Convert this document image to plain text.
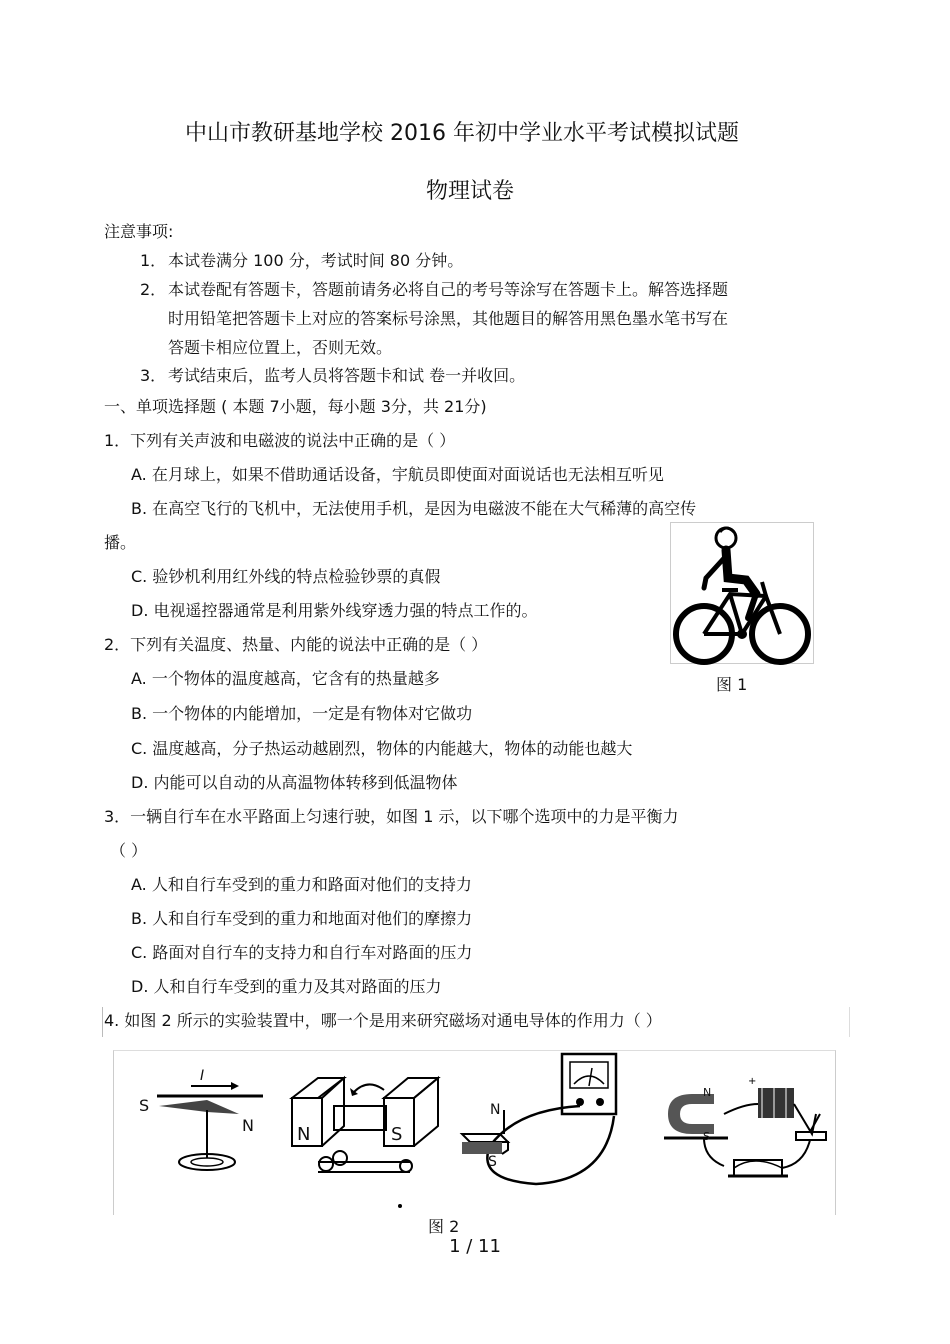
中山市教研基地学校 2016 年初中学业水平考试模拟试题
物理试卷
注意事项:
1． 本试卷满分 100 分，考试时间 80 分钟。
2． 本试卷配有答题卡，答题前请务必将自己的考号等涂写在答题卡上。解答选择题
时用铅笔把答题卡上对应的答案标号涂黑，其他题目的解答用黑色墨水笔书写在
答题卡相应位置上，否则无效。
3． 考试结束后，监考人员将答题卡和试 卷一并收回。
一、单项选择题 ( 本题 7小题，每小题 3分，共 21分)
1．下列有关声波和电磁波的说法中正确的是（ ）
A. 在月球上，如果不借助通话设备，宇航员即使面对面说话也无法相互听见
B. 在高空飞行的飞机中，无法使用手机，是因为电磁波不能在大气稀薄的高空传
播。
C. 验钞机利用红外线的特点检验钞票的真假
D. 电视遥控器通常是利用紫外线穿透力强的特点工作的。
2．下列有关温度、热量、内能的说法中正确的是（ ）
A. 一个物体的温度越高，它含有的热量越多
B. 一个物体的内能增加，一定是有物体对它做功
C. 温度越高，分子热运动越剧烈，物体的内能越大，物体的动能也越大
D. 内能可以自动的从高温物体转移到低温物体
3．一辆自行车在水平路面上匀速行驶，如图 1 示，以下哪个选项中的力是平衡力
（ ）
A. 人和自行车受到的重力和路面对他们的支持力
B. 人和自行车受到的重力和地面对他们的摩擦力
C. 路面对自行车的支持力和自行车对路面的压力
D. 人和自行车受到的重力及其对路面的压力
4. 如图 2 所示的实验装置中，哪一个是用来研究磁场对通电导体的作用力（ ）
图 1
S
N
I
N	S
N
S
+
N
S
图 2
1 / 11
